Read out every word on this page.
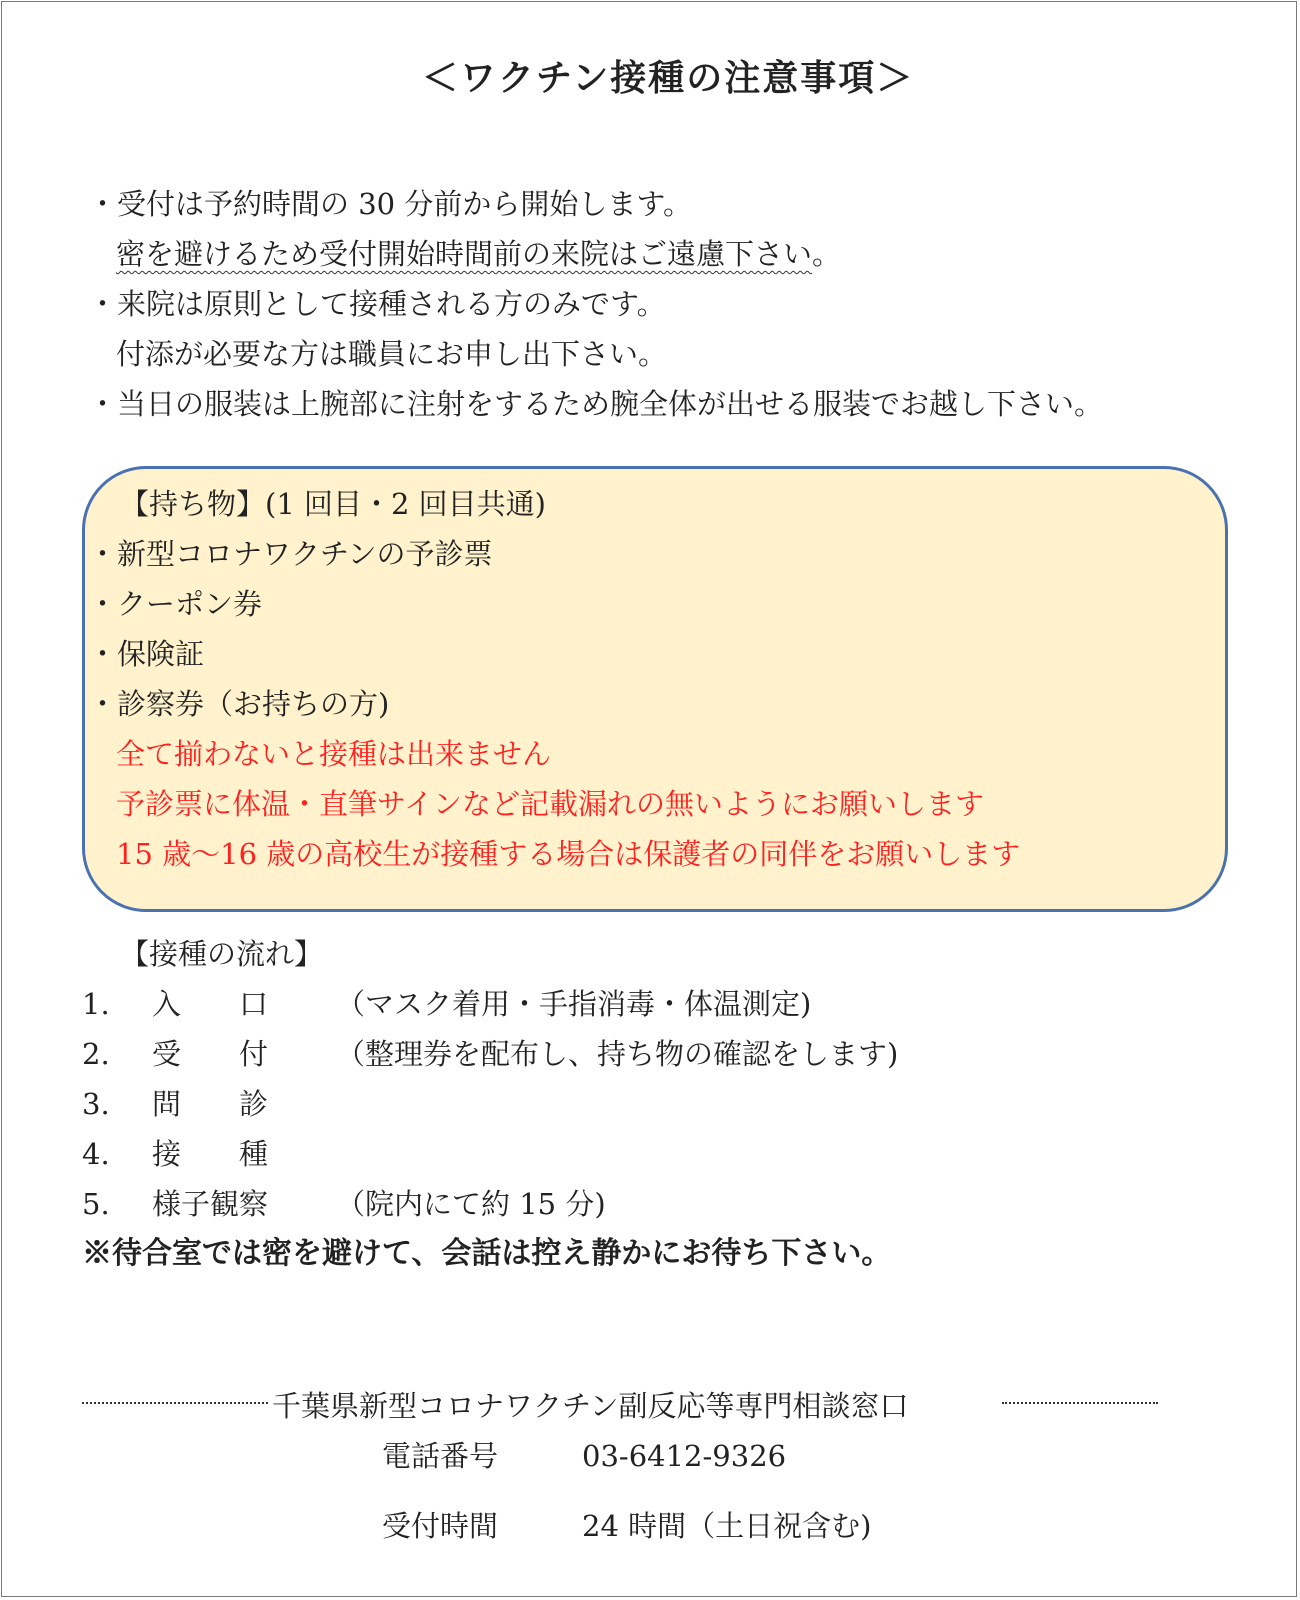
＜ワクチン接種の注意事項＞
・受付は予約時間の 30 分前から開始します。
密を避けるため受付開始時間前の来院はご遠慮下さい。
・来院は原則として接種される方のみです。
付添が必要な方は職員にお申し出下さい。
・当日の服装は上腕部に注射をするため腕全体が出せる服装でお越し下さい。
【持ち物】(1 回目・2 回目共通)
・新型コロナワクチンの予診票
・クーポン券
・保険証
・診察券（お持ちの方)
全て揃わないと接種は出来ません
予診票に体温・直筆サインなど記載漏れの無いようにお願いします
15 歳～16 歳の高校生が接種する場合は保護者の同伴をお願いします
【接種の流れ】
1. 入　　口 （マスク着用・手指消毒・体温測定)
2. 受　　付 （整理券を配布し、持ち物の確認をします)
3. 問　　診
4. 接　　種
5. 様子観察 （院内にて約 15 分)
※待合室では密を避けて、会話は控え静かにお待ち下さい。
千葉県新型コロナワクチン副反応等専門相談窓口
電話番号	03-6412-9326
受付時間	24 時間（土日祝含む)
